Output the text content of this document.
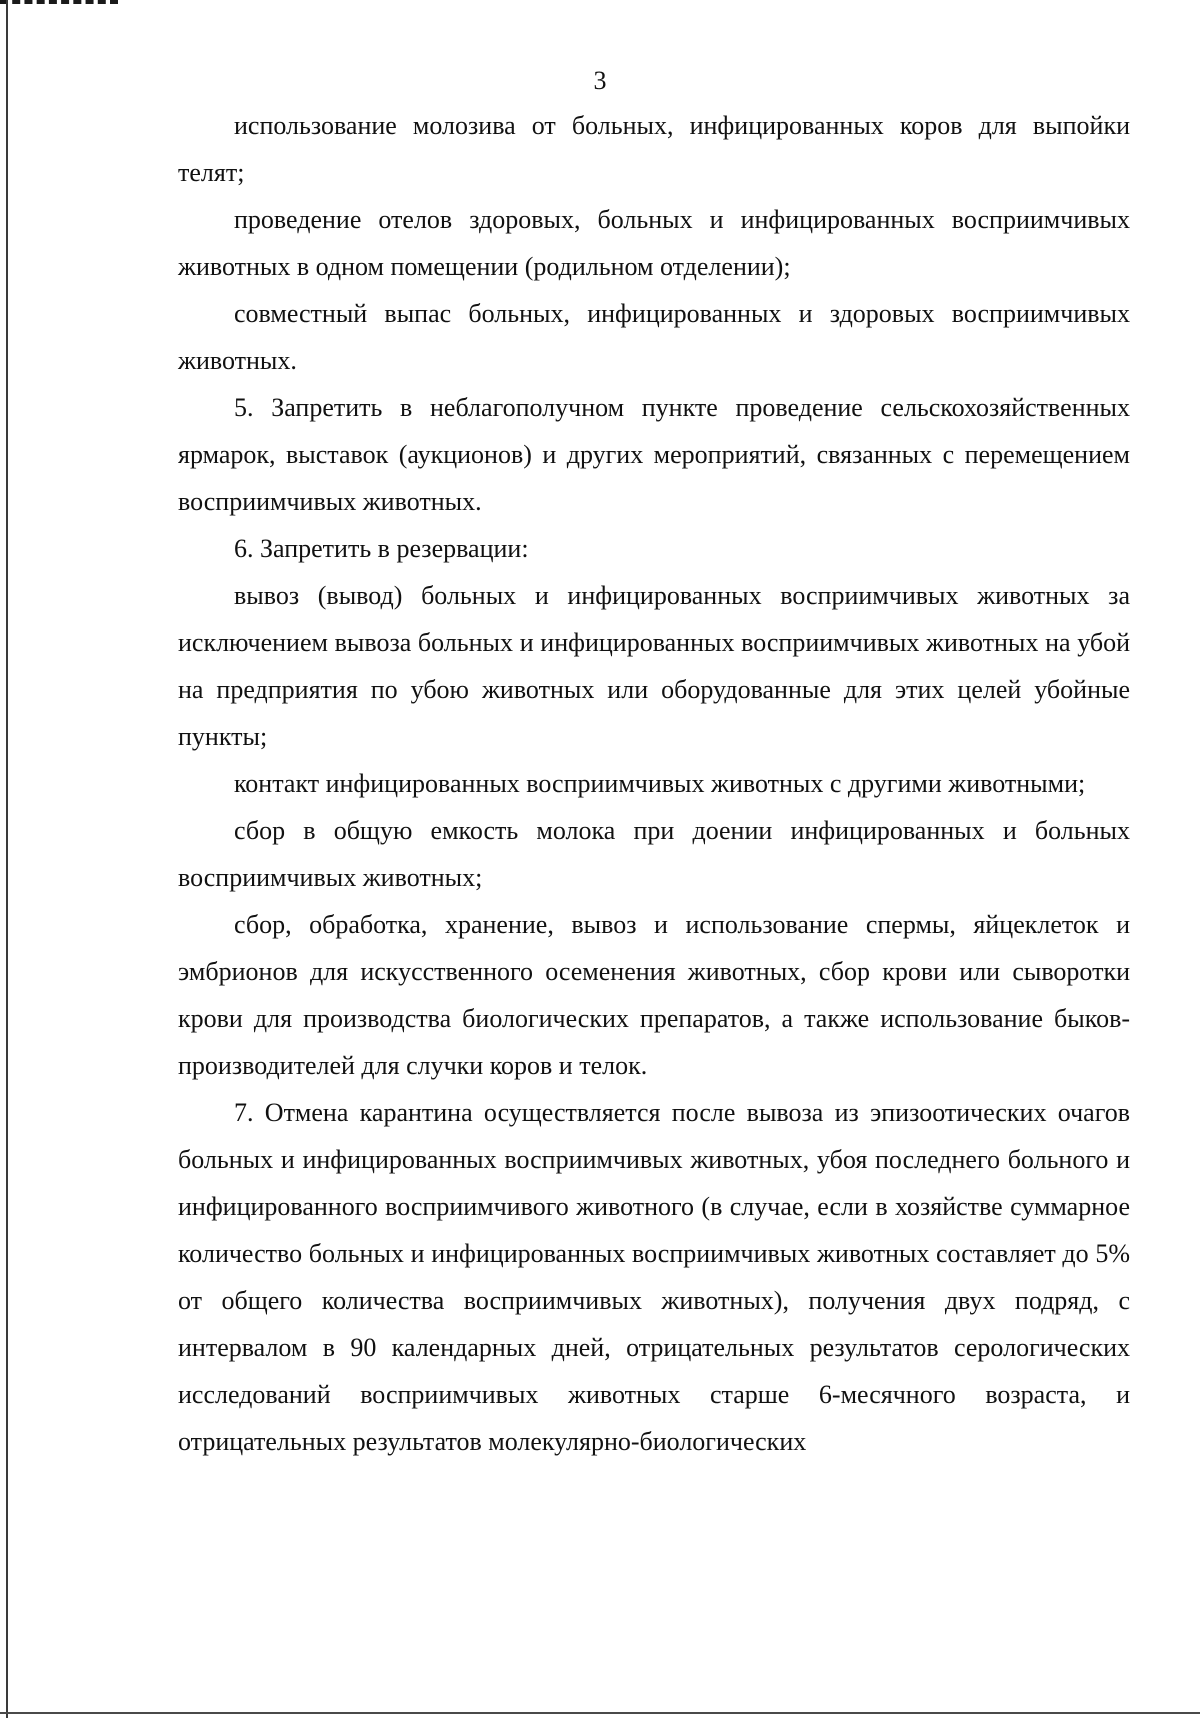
3

использование молозива от больных, инфицированных коров для выпойки телят;

проведение отелов здоровых, больных и инфицированных восприимчивых животных в одном помещении (родильном отделении);

совместный выпас больных, инфицированных и здоровых восприимчивых животных.

5. Запретить в неблагополучном пункте проведение сельскохозяйственных ярмарок, выставок (аукционов) и других мероприятий, связанных с перемещением восприимчивых животных.

6. Запретить в резервации:

вывоз (вывод) больных и инфицированных восприимчивых животных за исключением вывоза больных и инфицированных восприимчивых животных на убой на предприятия по убою животных или оборудованные для этих целей убойные пункты;

контакт инфицированных восприимчивых животных с другими животными;

сбор в общую емкость молока при доении инфицированных и больных восприимчивых животных;

сбор, обработка, хранение, вывоз и использование спермы, яйцеклеток и эмбрионов для искусственного осеменения животных, сбор крови или сыворотки крови для производства биологических препаратов, а также использование быков-производителей для случки коров и телок.

7. Отмена карантина осуществляется после вывоза из эпизоотических очагов больных и инфицированных восприимчивых животных, убоя последнего больного и инфицированного восприимчивого животного (в случае, если в хозяйстве суммарное количество больных и инфицированных восприимчивых животных составляет до 5% от общего количества восприимчивых животных), получения двух подряд, с интервалом в 90 календарных дней, отрицательных результатов серологических исследований восприимчивых животных старше 6-месячного возраста, и отрицательных результатов молекулярно-биологических
